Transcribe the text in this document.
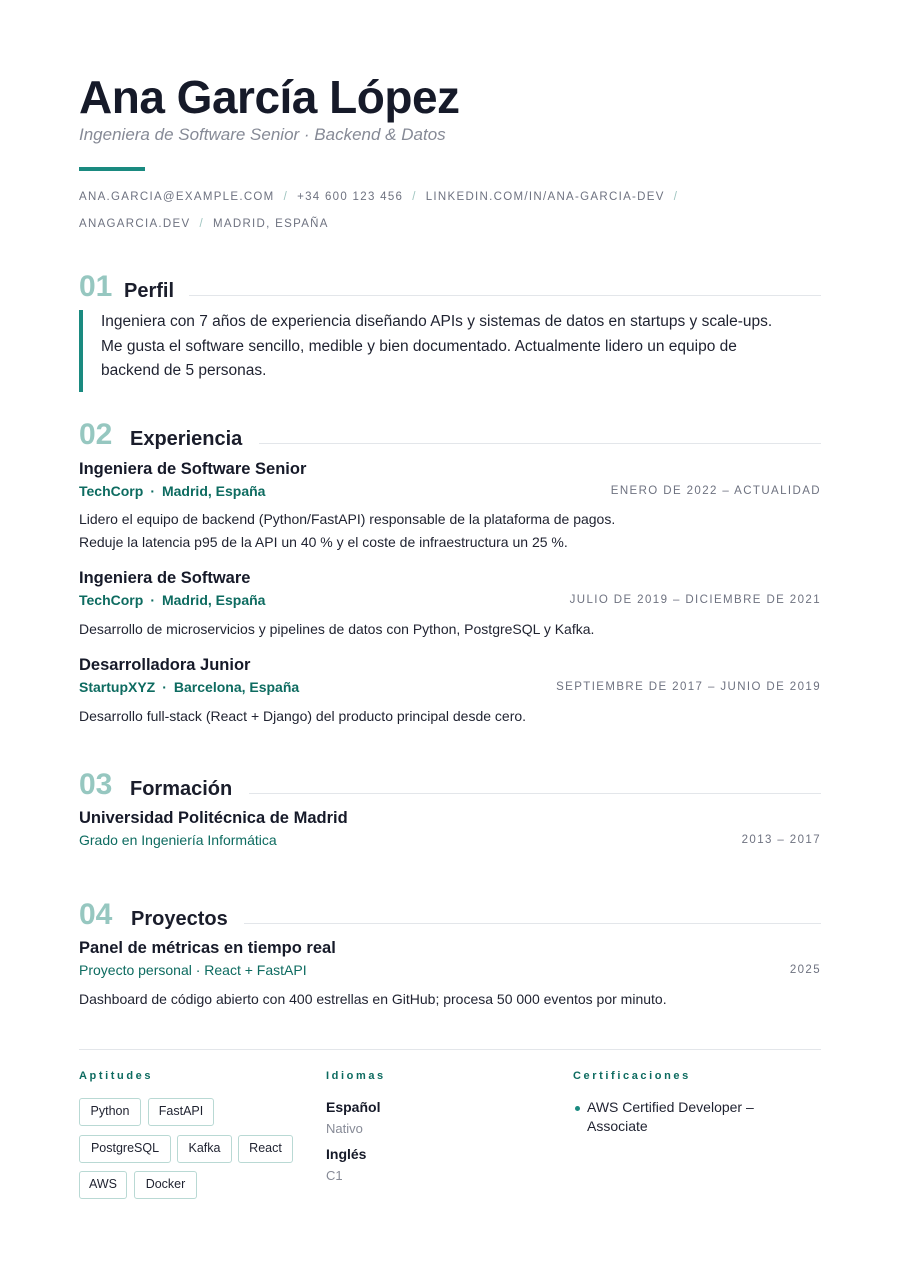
Ana García López
Ingeniera de Software Senior · Backend & Datos
ANA.GARCIA@EXAMPLE.COM / +34 600 123 456 / LINKEDIN.COM/IN/ANA-GARCIA-DEV /
ANAGARCIA.DEV / MADRID, ESPAÑA
01 Perfil

Ingeniera con 7 años de experiencia diseñando APIs y sistemas de datos en startups y scale-ups.

Me gusta el software sencillo, medible y bien documentado. Actualmente lidero un equipo de

backend de 5 personas.

02 Experiencia
Ingeniera de Software Senior
TechCorp · Madrid, España	ENERO DE 2022 – ACTUALIDAD
Lidero el equipo de backend (Python/FastAPI) responsable de la plataforma de pagos.
Reduje la latencia p95 de la API un 40 % y el coste de infraestructura un 25 %.
Ingeniera de Software
TechCorp · Madrid, España	JULIO DE 2019 – DICIEMBRE DE 2021
Desarrollo de microservicios y pipelines de datos con Python, PostgreSQL y Kafka.
Desarrolladora Junior
StartupXYZ · Barcelona, España	SEPTIEMBRE DE 2017 – JUNIO DE 2019
Desarrollo full-stack (React + Django) del producto principal desde cero.
03 Formación
Universidad Politécnica de Madrid
Grado en Ingeniería Informática	2013 – 2017
04 Proyectos
Panel de métricas en tiempo real
Proyecto personal · React + FastAPI	2025
Dashboard de código abierto con 400 estrellas en GitHub; procesa 50 000 eventos por minuto.
Aptitudes
Python	FastAPI
PostgreSQL	Kafka	React
AWS	Docker
Idiomas
Español
Nativo
Inglés
C1
Certificaciones
AWS Certified Developer – Associate
